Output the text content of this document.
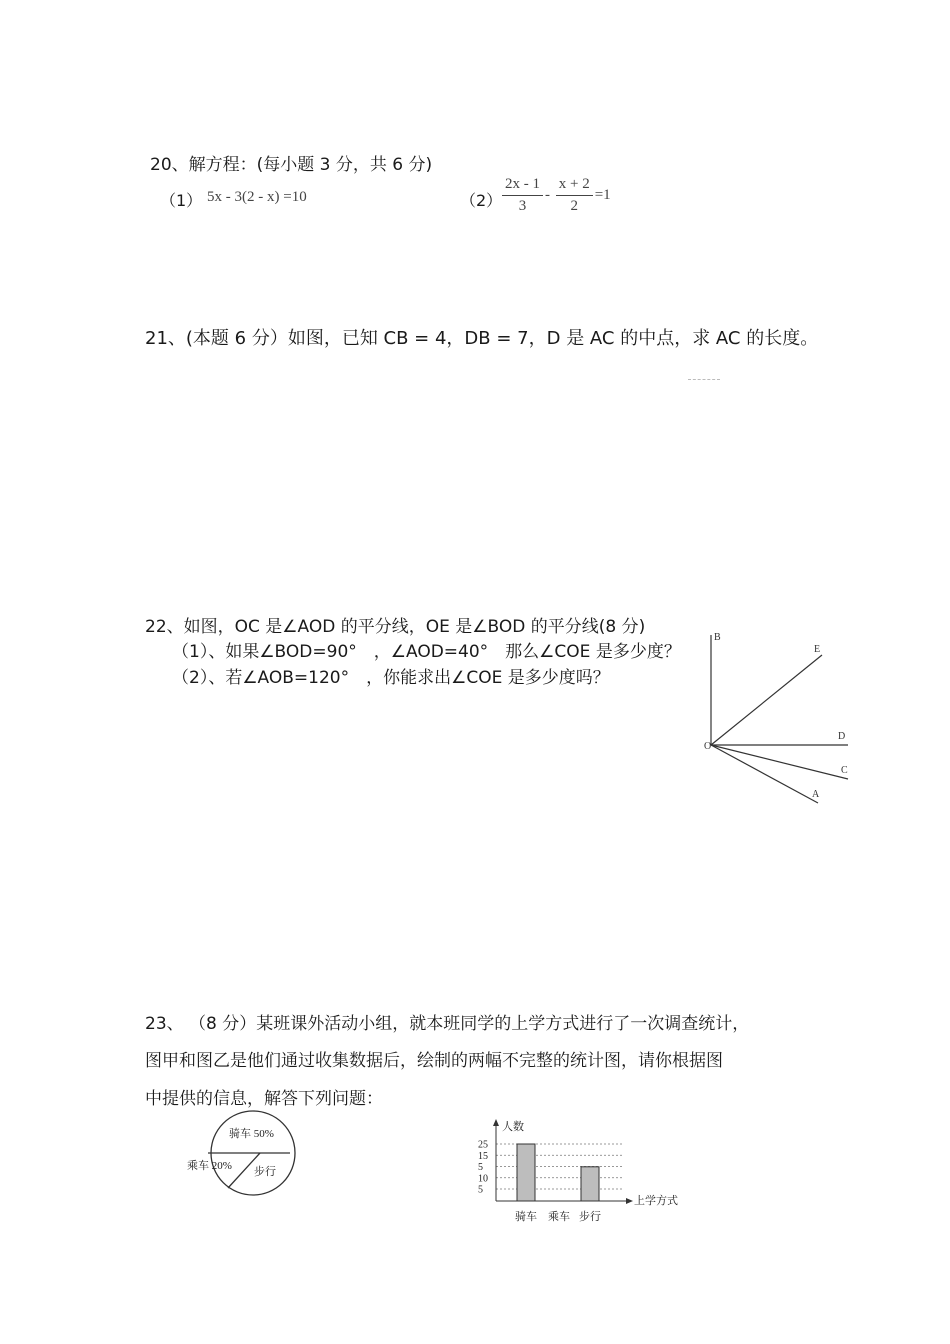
20、解方程：(每小题 3 分，共 6 分)
（1） 5x - 3(2 - x) =10	$(2) \frac{2x - 1}{3} - \frac{x + 2}{2} =1$
21、(本题 6 分）如图，已知 CB = 4，DB = 7，D 是 AC 的中点，求 AC 的长度。
22、如图，OC 是∠AOD 的平分线，OE 是∠BOD 的平分线(8 分)
（1）、如果∠BOD=90°　，∠AOD=40°　那么∠COE 是多少度？
（2）、若∠AOB=120°　，你能求出∠COE 是多少度吗？
B
E
D
C
A
O
23、 （8 分）某班课外活动小组，就本班同学的上学方式进行了一次调查统计，
图甲和图乙是他们通过收集数据后，绘制的两幅不完整的统计图，请你根据图
中提供的信息，解答下列问题：
骑车 50%
乘车 20% 步行
人数
上学方式
25
15
5
10
5
骑车 乘车 步行
